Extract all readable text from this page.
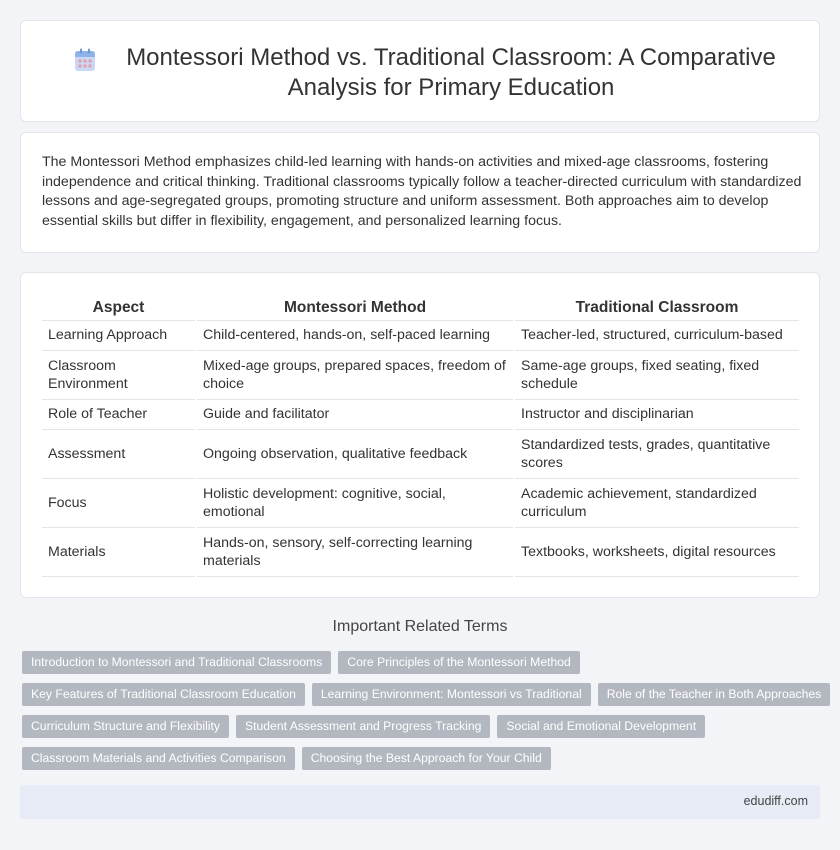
Montessori Method vs. Traditional Classroom: A Comparative Analysis for Primary Education

The Montessori Method emphasizes child-led learning with hands-on activities and mixed-age classrooms, fostering independence and critical thinking. Traditional classrooms typically follow a teacher-directed curriculum with standardized lessons and age-segregated groups, promoting structure and uniform assessment. Both approaches aim to develop essential skills but differ in flexibility, engagement, and personalized learning focus.

Aspect	Montessori Method	Traditional Classroom
Learning Approach	Child-centered, hands-on, self-paced learning	Teacher-led, structured, curriculum-based
Classroom Environment	Mixed-age groups, prepared spaces, freedom of choice	Same-age groups, fixed seating, fixed schedule
Role of Teacher	Guide and facilitator	Instructor and disciplinarian
Assessment	Ongoing observation, qualitative feedback	Standardized tests, grades, quantitative scores
Focus	Holistic development: cognitive, social, emotional	Academic achievement, standardized curriculum
Materials	Hands-on, sensory, self-correcting learning materials	Textbooks, worksheets, digital resources
Important Related Terms
Introduction to Montessori and Traditional Classrooms	Core Principles of the Montessori Method
Key Features of Traditional Classroom Education	Learning Environment: Montessori vs Traditional	Role of the Teacher in Both Approaches
Curriculum Structure and Flexibility	Student Assessment and Progress Tracking	Social and Emotional Development
Classroom Materials and Activities Comparison	Choosing the Best Approach for Your Child
edudiff.com
